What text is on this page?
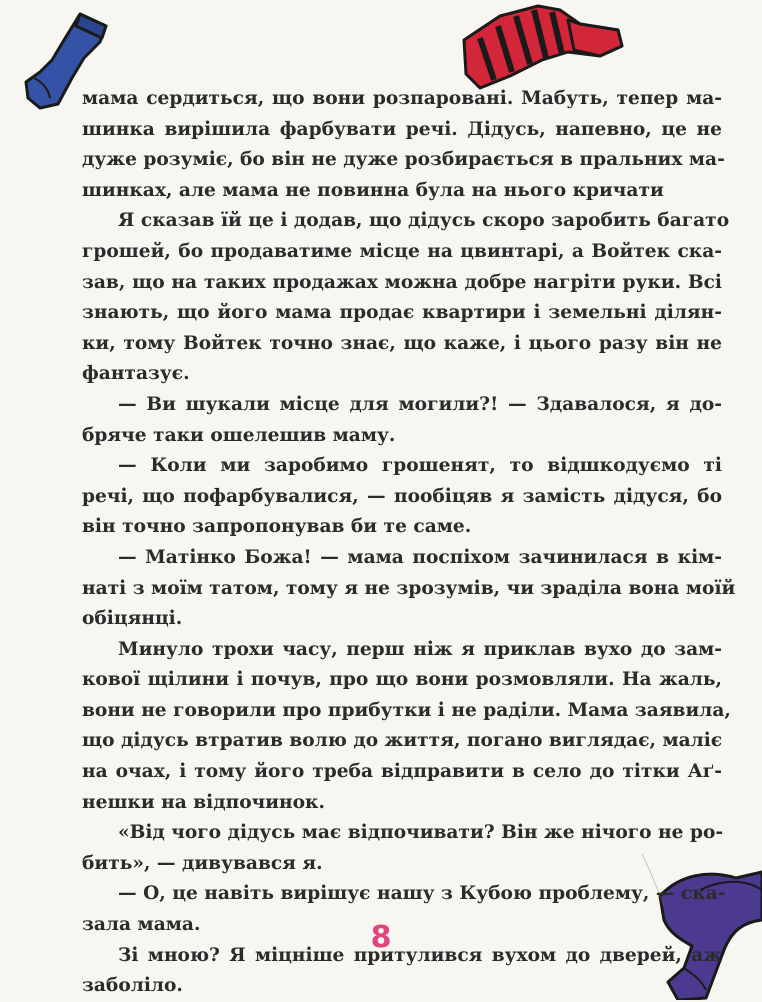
мама сердиться, що вони розпаровані. Мабуть, тепер ма-
шинка вирішила фарбувати речі. Дідусь, напевно, це не
дуже розуміє, бо він не дуже розбирається в пральних ма-
шинках, але мама не повинна була на нього кричати
Я сказав їй це і додав, що дідусь скоро заробить багато
грошей, бо продаватиме місце на цвинтарі, а Войтек ска-
зав, що на таких продажах можна добре нагріти руки. Всі
знають, що його мама продає квартири і земельні ділян-
ки, тому Войтек точно знає, що каже, і цього разу він не
фантазує.
— Ви шукали місце для могили?! — Здавалося, я до-
бряче таки ошелешив маму.
— Коли ми заробимо грошенят, то відшкодуємо ті
речі, що пофарбувалися, — пообіцяв я замість дідуся, бо
він точно запропонував би те саме.
— Матінко Божа! — мама поспіхом зачинилася в кім-
наті з моїм татом, тому я не зрозумів, чи зраділа вона моїй
обіцянці.
Минуло трохи часу, перш ніж я приклав вухо до зам-
кової щілини і почув, про що вони розмовляли. На жаль,
вони не говорили про прибутки і не раділи. Мама заявила,
що дідусь втратив волю до життя, погано виглядає, маліє
на очах, і тому його треба відправити в село до тітки Аґ-
нешки на відпочинок.
«Від чого дідусь має відпочивати? Він же нічого не ро-
бить», — дивувався я.
— О, це навіть вирішує нашу з Кубою проблему, — ска-
зала мама.
Зі мною? Я міцніше притулився вухом до дверей, аж
заболіло.
8
